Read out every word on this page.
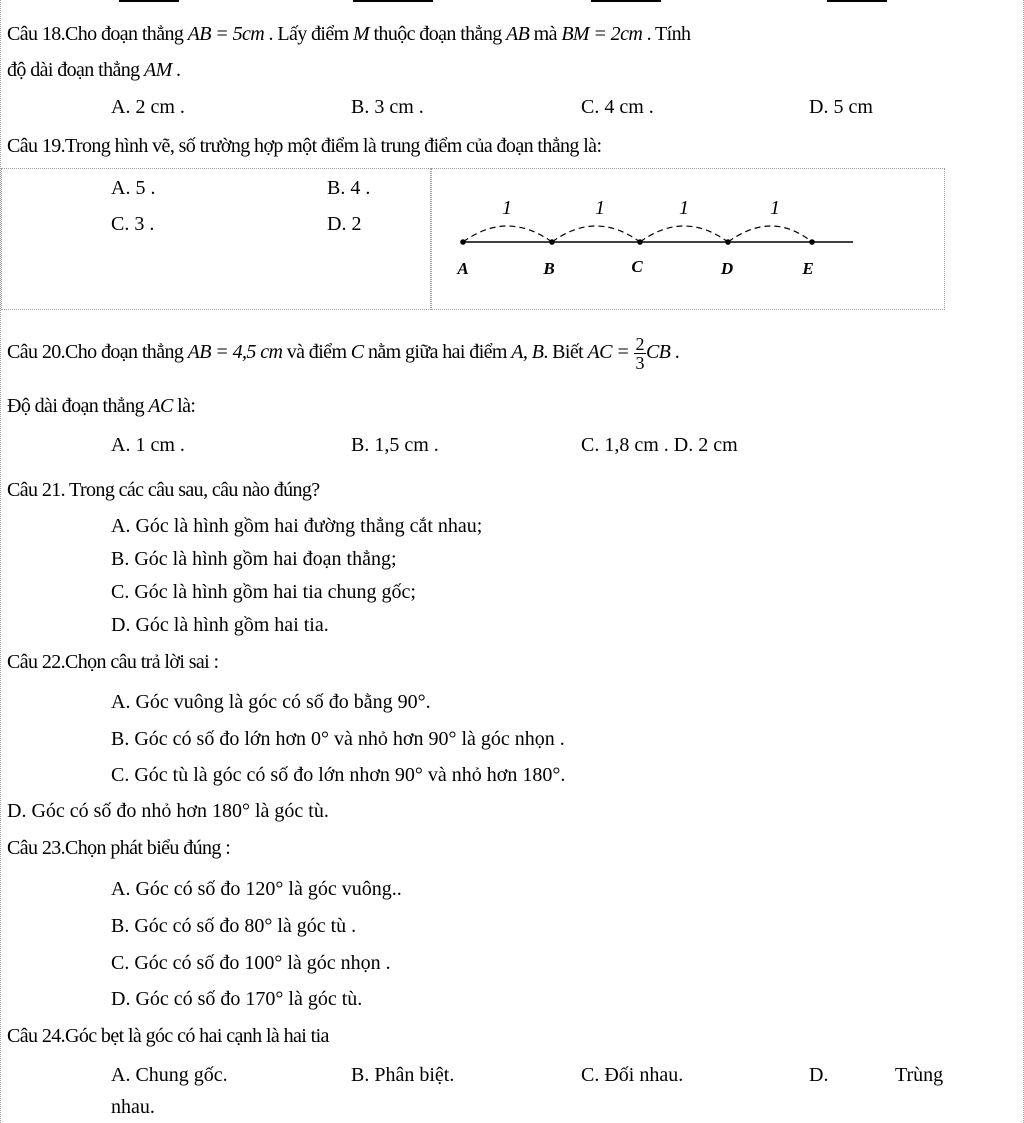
Câu 18.Cho đoạn thẳng AB = 5cm . Lấy điểm M thuộc đoạn thẳng AB mà BM = 2cm . Tính
độ dài đoạn thẳng AM .
A. 2 cm .	B. 3 cm .	C. 4 cm .	D. 5 cm
Câu 19.Trong hình vẽ, số trường hợp một điểm là trung điểm của đoạn thẳng là:
A. 5 .	B. 4 .
C. 3 .	D. 2
1	1	1	1
A	B	C	D	E
Câu 20.Cho đoạn thẳng AB = 4,5 cm và điểm C nằm giữa hai điểm A, B. Biết AC = $\frac{2}{3}$ CB .
Độ dài đoạn thẳng AC là:
A. 1 cm .	B. 1,5 cm .	C. 1,8 cm . D. 2 cm
Câu 21. Trong các câu sau, câu nào đúng?
A. Góc là hình gồm hai đường thẳng cắt nhau;
B. Góc là hình gồm hai đoạn thẳng;
C. Góc là hình gồm hai tia chung gốc;
D. Góc là hình gồm hai tia.
Câu 22.Chọn câu trả lời sai :
A. Góc vuông là góc có số đo bằng 90°.
B. Góc có số đo lớn hơn 0° và nhỏ hơn 90° là góc nhọn .
C. Góc tù là góc có số đo lớn nhơn 90° và nhỏ hơn 180°.
D. Góc có số đo nhỏ hơn 180° là góc tù.
Câu 23.Chọn phát biểu đúng :
A. Góc có số đo 120° là góc vuông..
B. Góc có số đo 80° là góc tù .
C. Góc có số đo 100° là góc nhọn .
D. Góc có số đo 170° là góc tù.
Câu 24.Góc bẹt là góc có hai cạnh là hai tia
A. Chung gốc.	B. Phân biệt.	C. Đối nhau.	D.	Trùng
nhau.
